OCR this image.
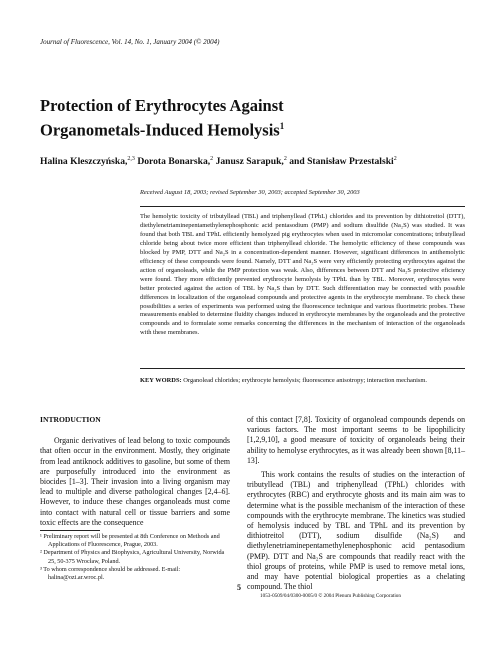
Journal of Fluorescence, Vol. 14, No. 1, January 2004 (© 2004)
Protection of Erythrocytes Against
Organometals-Induced Hemolysis$^1$
Halina Kleszczyńska,$^{2,3}$ Dorota Bonarska,$^2$ Janusz Sarapuk,$^2$ and Stanisław Przestalski$^2$
Received August 18, 2003; revised September 30, 2003; accepted September 30, 2003

The hemolytic toxicity of tributyllead (TBL) and triphenyllead (TPhL) chlorides and its prevention by dithiotreitol (DTT), diethylenetriaminepentamethylenephosphonic acid pentasodium (PMP) and sodium disulfide (Na₂S) was studied. It was found that both TBL and TPhL efficiently hemolyzed pig erythrocytes when used in micromolar concentrations; tributyllead chloride being about twice more efficient than triphenyllead chloride. The hemolytic efficiency of these compounds was blocked by PMP, DTT and Na₂S in a concentration-dependent manner. However, significant differences in antihemolytic efficiency of these compounds were found. Namely, DTT and Na₂S were very efficiently protecting erythrocytes against the action of organoleads, while the PMP protection was weak. Also, differences between DTT and Na₂S protective eficiency were found. They more efficiently prevented erythrocyte hemolysis by TPhL than by TBL. Moreover, erythrocytes were better protected against the action of TBL by Na₂S than by DTT. Such differentiation may be connected with possible differences in localization of the organolead compounds and protective agents in the erythrocyte membrane. To check these possibilities a series of experiments was performed using the fluorescence technique and various fluorimetric probes. These measurements enabled to determine fluidity changes induced in erythrocyte membranes by the organoleads and the protective compounds and to formulate some remarks concerning the differences in the mechanism of interaction of the organoleads with these membranes.

KEY WORDS: Organolead chlorides; erythrocyte hemolysis; fluorescence anisotropy; interaction mechanism.

INTRODUCTION

Organic derivatives of lead belong to toxic compounds that often occur in the environment. Mostly, they originate from lead antiknock additives to gasoline, but some of them are purposefully introduced into the environment as biocides [1–3]. Their invasion into a living organism may lead to multiple and diverse pathological changes [2,4–6]. However, to induce these changes organoleads must come into contact with natural cell or tissue barriers and some toxic effects are the consequence

of this contact [7,8]. Toxicity of organolead compounds depends on various factors. The most important seems to be lipophilicity [1,2,9,10], a good measure of toxicity of organoleads being their ability to hemolyse erythrocytes, as it was already been shown [8,11–13].

This work contains the results of studies on the interaction of tributyllead (TBL) and triphenyllead (TPhL) chlorides with erythrocytes (RBC) and erythrocyte ghosts and its main aim was to determine what is the possible mechanism of the interaction of these compounds with the erythrocyte membrane. The kinetics was studied of hemolysis induced by TBL and TPhL and its prevention by dithiotreitol (DTT), sodium disulfide (Na₂S) and diethylenetriaminepentamethylenephosphonic acid pentasodium (PMP). DTT and Na₂S are compounds that readily react with the thiol groups of proteins, while PMP is used to remove metal ions, and may have potential biological properties as a chelating compound. The thiol

¹ Preliminary report will be presented at 8th Conference on Methods and Applications of Fluorescence, Prague, 2003.
² Department of Physics and Biophysics, Agricultural University, Norwida 25, 50-375 Wrocław, Poland.
³ To whom correspondence should be addressed. E-mail: halina@ozi.ar.wroc.pl.
5
1053-0509/04/0300-0005/0 © 2004 Plenum Publishing Corporation
